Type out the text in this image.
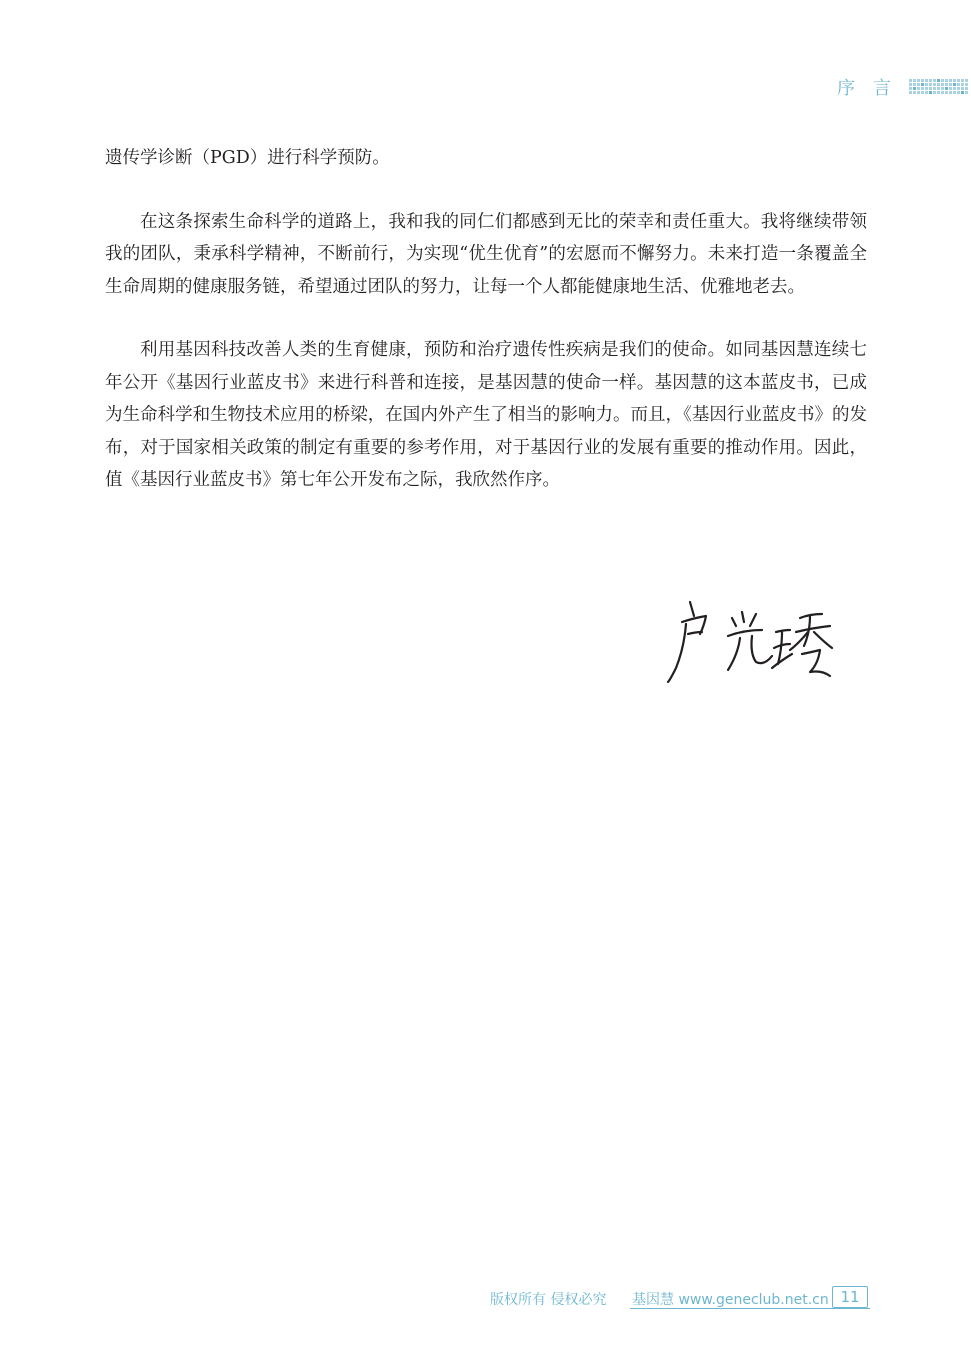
序言

遗传学诊断（PGD）进行科学预防。

在这条探索生命科学的道路上，我和我的同仁们都感到无比的荣幸和责任重大。我将继续带领我的团队，秉承科学精神，不断前行，为实现“优生优育”的宏愿而不懈努力。未来打造一条覆盖全生命周期的健康服务链，希望通过团队的努力，让每一个人都能健康地生活、优雅地老去。

利用基因科技改善人类的生育健康，预防和治疗遗传性疾病是我们的使命。如同基因慧连续七年公开《基因行业蓝皮书》来进行科普和连接，是基因慧的使命一样。基因慧的这本蓝皮书，已成为生命科学和生物技术应用的桥梁，在国内外产生了相当的影响力。而且，《基因行业蓝皮书》的发布，对于国家相关政策的制定有重要的参考作用，对于基因行业的发展有重要的推动作用。因此，值《基因行业蓝皮书》第七年公开发布之际，我欣然作序。

版权所有 侵权必究 基因慧 www.geneclub.net.cn 11
